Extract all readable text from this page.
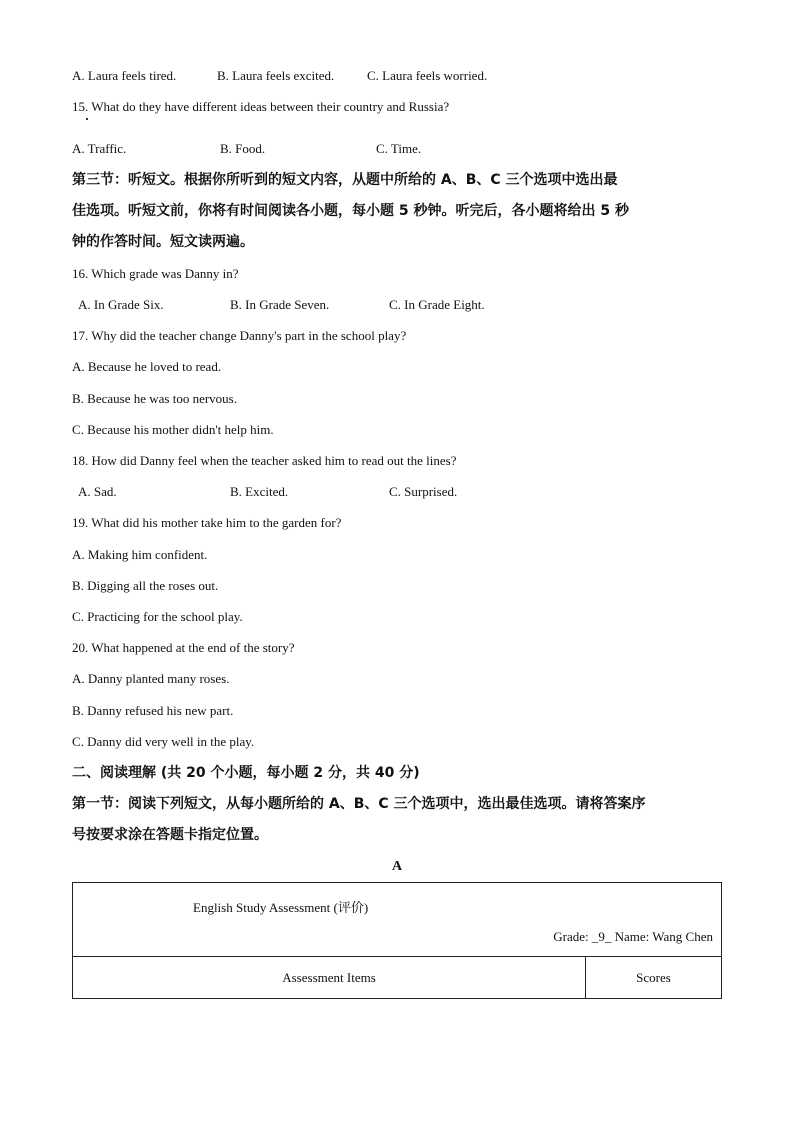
A. Laura feels tired.	B. Laura feels excited.	C. Laura feels worried.
15. What do they have different ideas between their country and Russia?
A. Traffic.	B. Food.	C. Time.
第三节：听短文。根据你所听到的短文内容，从题中所给的 A、B、C 三个选项中选出最
佳选项。听短文前，你将有时间阅读各小题，每小题 5 秒钟。听完后，各小题将给出 5 秒
钟的作答时间。短文读两遍。
16. Which grade was Danny in?
A. In Grade Six.	B. In Grade Seven.	C. In Grade Eight.
17. Why did the teacher change Danny's part in the school play?
A. Because he loved to read.
B. Because he was too nervous.
C. Because his mother didn't help him.
18. How did Danny feel when the teacher asked him to read out the lines?
A. Sad.	B. Excited.	C. Surprised.
19. What did his mother take him to the garden for?
A. Making him confident.
B. Digging all the roses out.
C. Practicing for the school play.
20. What happened at the end of the story?
A. Danny planted many roses.
B. Danny refused his new part.
C. Danny did very well in the play.
二、阅读理解 (共 20 个小题，每小题 2 分，共 40 分)
第一节：阅读下列短文，从每小题所给的 A、B、C 三个选项中，选出最佳选项。请将答案序
号按要求涂在答题卡指定位置。
A
English Study Assessment (评价)
Grade: _9_ Name: Wang Chen

Assessment Items	Scores
